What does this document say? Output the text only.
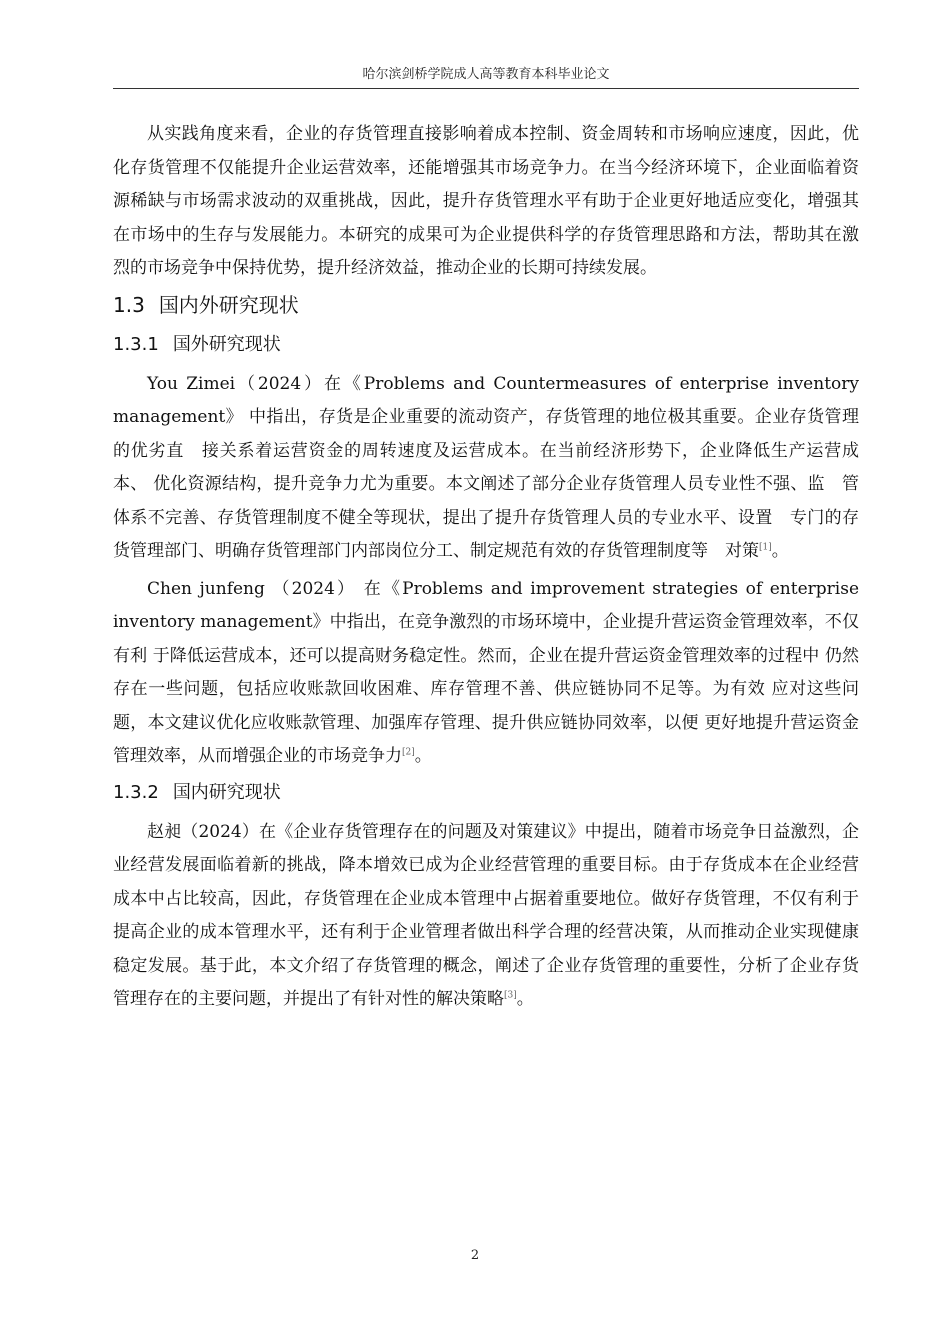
哈尔滨剑桥学院成人高等教育本科毕业论文

从实践角度来看，企业的存货管理直接影响着成本控制、资金周转和市场响应速度，因此，优化存货管理不仅能提升企业运营效率，还能增强其市场竞争力。在当今经济环境下，企业面临着资源稀缺与市场需求波动的双重挑战，因此，提升存货管理水平有助于企业更好地适应变化，增强其在市场中的生存与发展能力。本研究的成果可为企业提供科学的存货管理思路和方法，帮助其在激烈的市场竞争中保持优势，提升经济效益，推动企业的长期可持续发展。

1.3 国内外研究现状
1.3.1 国外研究现状

You Zimei（2024）在《Problems and Countermeasures of enterprise inventory management》 中指出，存货是企业重要的流动资产，存货管理的地位极其重要。企业存货管理的优劣直　接关系着运营资金的周转速度及运营成本。在当前经济形势下，企业降低生产运营成本、 优化资源结构，提升竞争力尤为重要。本文阐述了部分企业存货管理人员专业性不强、监　管体系不完善、存货管理制度不健全等现状，提出了提升存货管理人员的专业水平、设置　专门的存货管理部门、明确存货管理部门内部岗位分工、制定规范有效的存货管理制度等　对策[1]。

Chen junfeng （2024） 在《Problems and improvement strategies of enterprise inventory management》中指出，在竞争激烈的市场环境中，企业提升营运资金管理效率，不仅有利 于降低运营成本，还可以提高财务稳定性。然而，企业在提升营运资金管理效率的过程中 仍然存在一些问题，包括应收账款回收困难、库存管理不善、供应链协同不足等。为有效 应对这些问题，本文建议优化应收账款管理、加强库存管理、提升供应链协同效率，以便 更好地提升营运资金管理效率，从而增强企业的市场竞争力[2]。

1.3.2 国内研究现状

赵昶（2024）在《企业存货管理存在的问题及对策建议》中提出，随着市场竞争日益激烈，企业经营发展面临着新的挑战，降本增效已成为企业经营管理的重要目标。由于存货成本在企业经营成本中占比较高，因此，存货管理在企业成本管理中占据着重要地位。做好存货管理，不仅有利于提高企业的成本管理水平，还有利于企业管理者做出科学合理的经营决策，从而推动企业实现健康稳定发展。基于此，本文介绍了存货管理的概念，阐述了企业存货管理的重要性，分析了企业存货管理存在的主要问题，并提出了有针对性的解决策略[3]。

2
